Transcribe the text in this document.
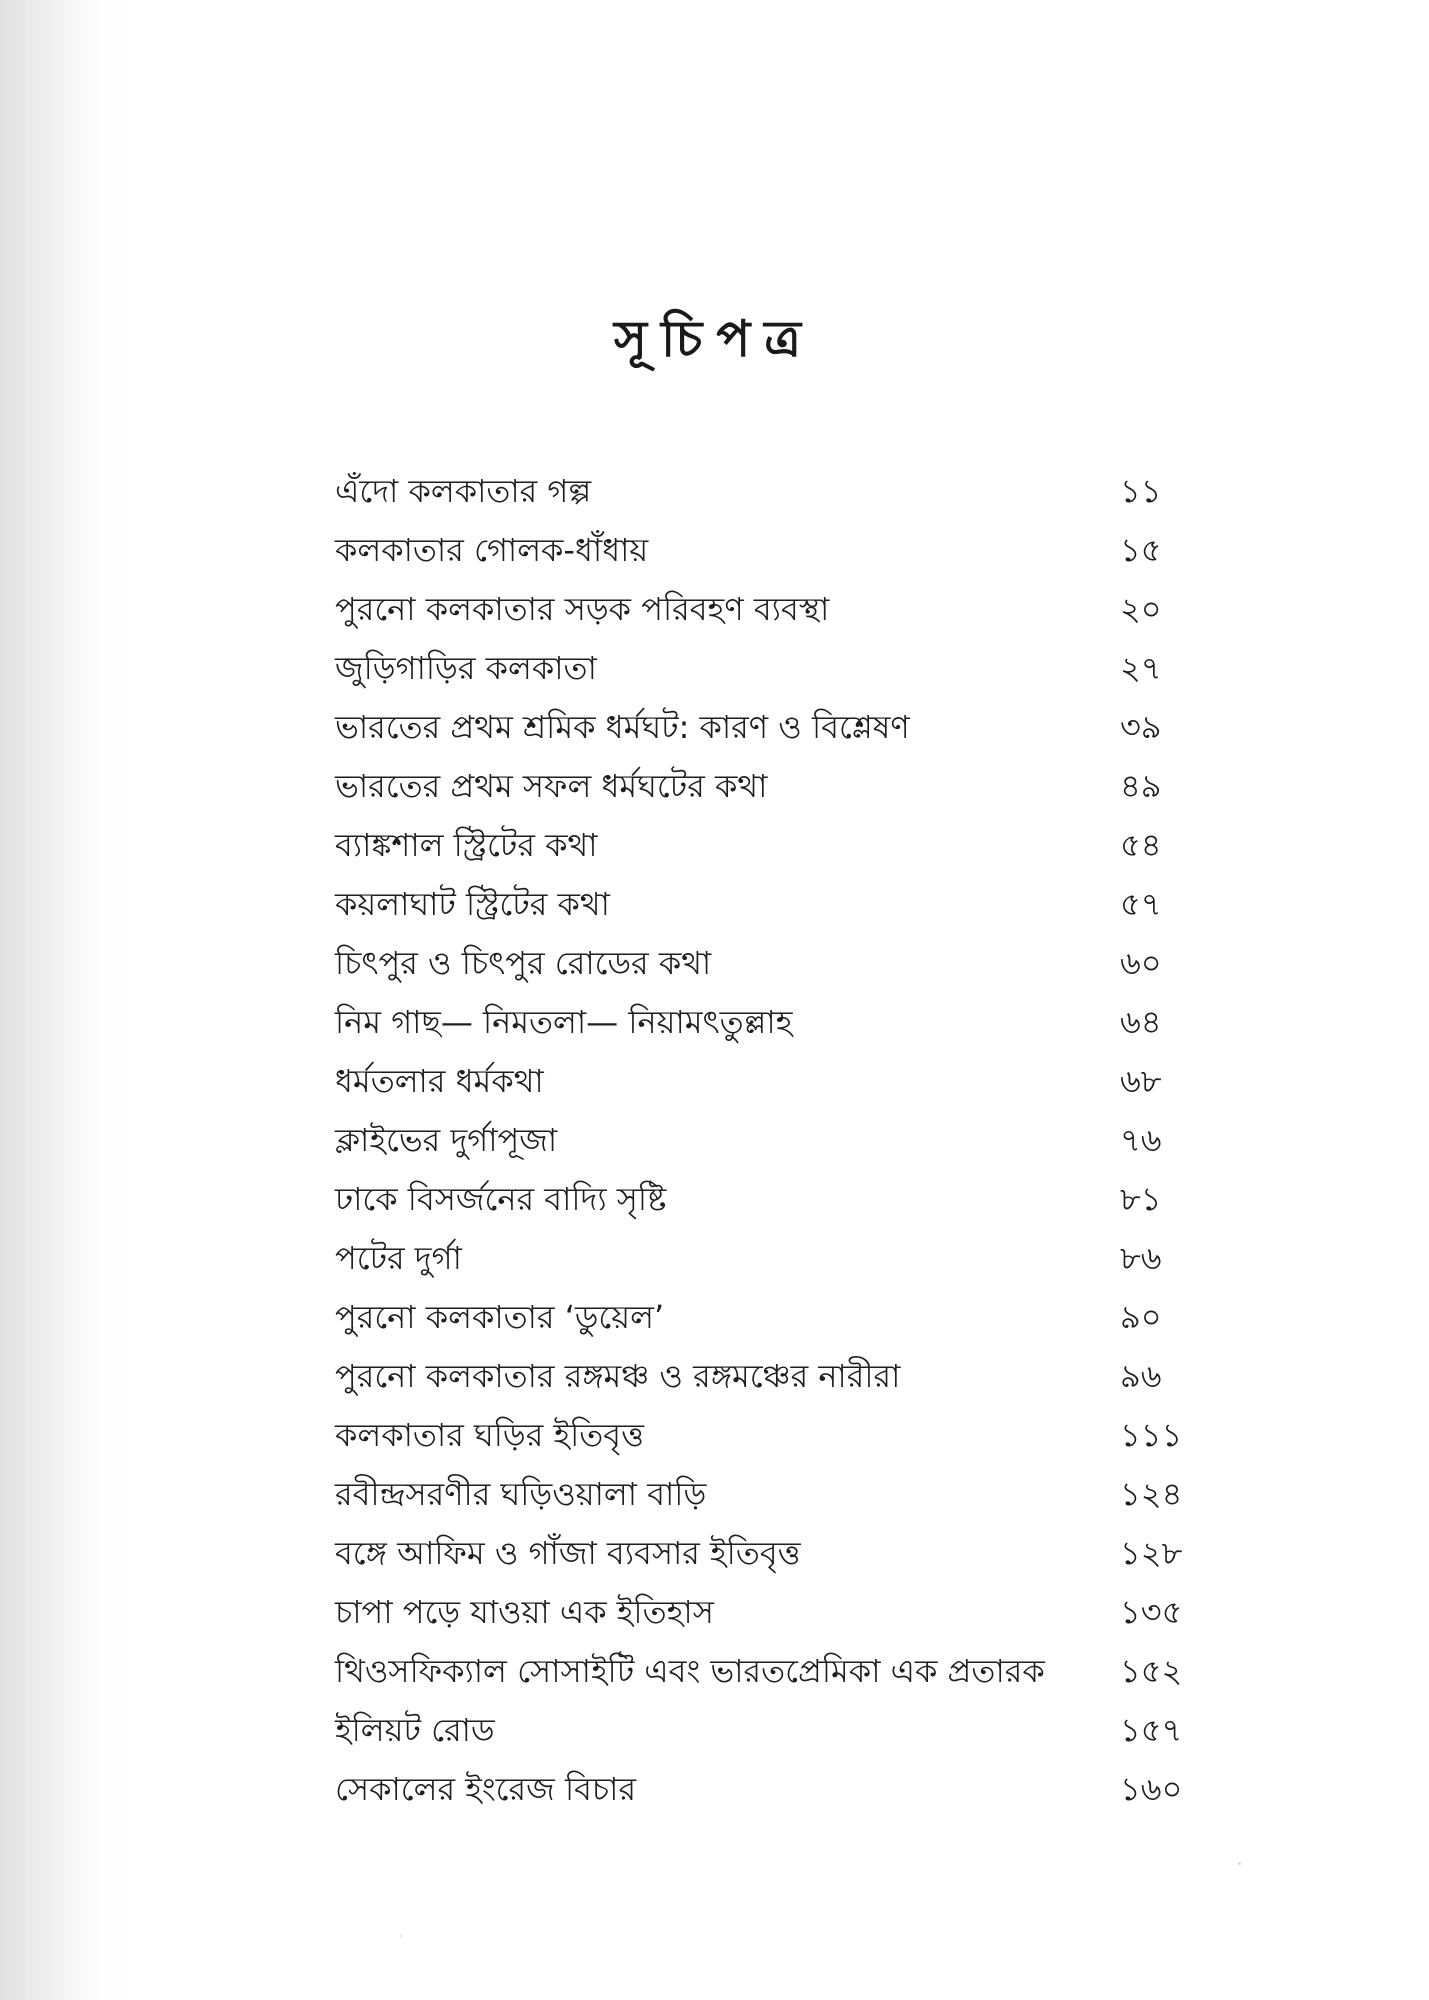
সূচিপত্র
এঁদো কলকাতার গল্প	১১
কলকাতার গোলক-ধাঁধায়	১৫
পুরনো কলকাতার সড়ক পরিবহণ ব্যবস্থা	২০
জুড়িগাড়ির কলকাতা	২৭
ভারতের প্রথম শ্রমিক ধর্মঘট: কারণ ও বিশ্লেষণ	৩৯
ভারতের প্রথম সফল ধর্মঘটের কথা	৪৯
ব্যাঙ্কশাল স্ট্রিটের কথা	৫৪
কয়লাঘাট স্ট্রিটের কথা	৫৭
চিৎপুর ও চিৎপুর রোডের কথা	৬০
নিম গাছ— নিমতলা— নিয়ামৎতুল্লাহ	৬৪
ধর্মতলার ধর্মকথা	৬৮
ক্লাইভের দুর্গাপূজা	৭৬
ঢাকে বিসর্জনের বাদ্যি সৃষ্টি	৮১
পটের দুর্গা	৮৬
পুরনো কলকাতার ‘ডুয়েল’	৯০
পুরনো কলকাতার রঙ্গমঞ্চ ও রঙ্গমঞ্চের নারীরা	৯৬
কলকাতার ঘড়ির ইতিবৃত্ত	১১১
রবীন্দ্রসরণীর ঘড়িওয়ালা বাড়ি	১২৪
বঙ্গে আফিম ও গাঁজা ব্যবসার ইতিবৃত্ত	১২৮
চাপা পড়ে যাওয়া এক ইতিহাস	১৩৫
থিওসফিক্যাল সোসাইটি এবং ভারতপ্রেমিকা এক প্রতারক ১৫২
ইলিয়ট রোড	১৫৭
সেকালের ইংরেজ বিচার	১৬০
